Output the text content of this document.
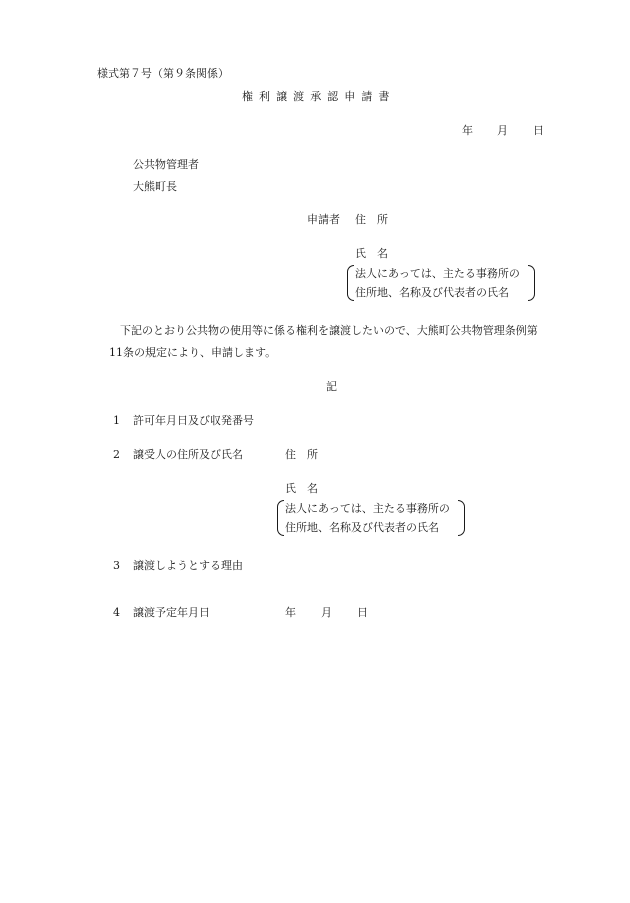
様式第７号（第９条関係）
権利譲渡承認申請書
年 月 日
公共物管理者
大熊町長
申請者 住　所
氏　名
法人にあっては、主たる事務所の
住所地、名称及び代表者の氏名
下記のとおり公共物の使用等に係る権利を譲渡したいので、大熊町公共物管理条例第
11条の規定により、申請します。
記
1 許可年月日及び収発番号
2 譲受人の住所及び氏名	住　所
氏　名
法人にあっては、主たる事務所の
住所地、名称及び代表者の氏名
3 譲渡しようとする理由
4 譲渡予定年月日	年 月 日
